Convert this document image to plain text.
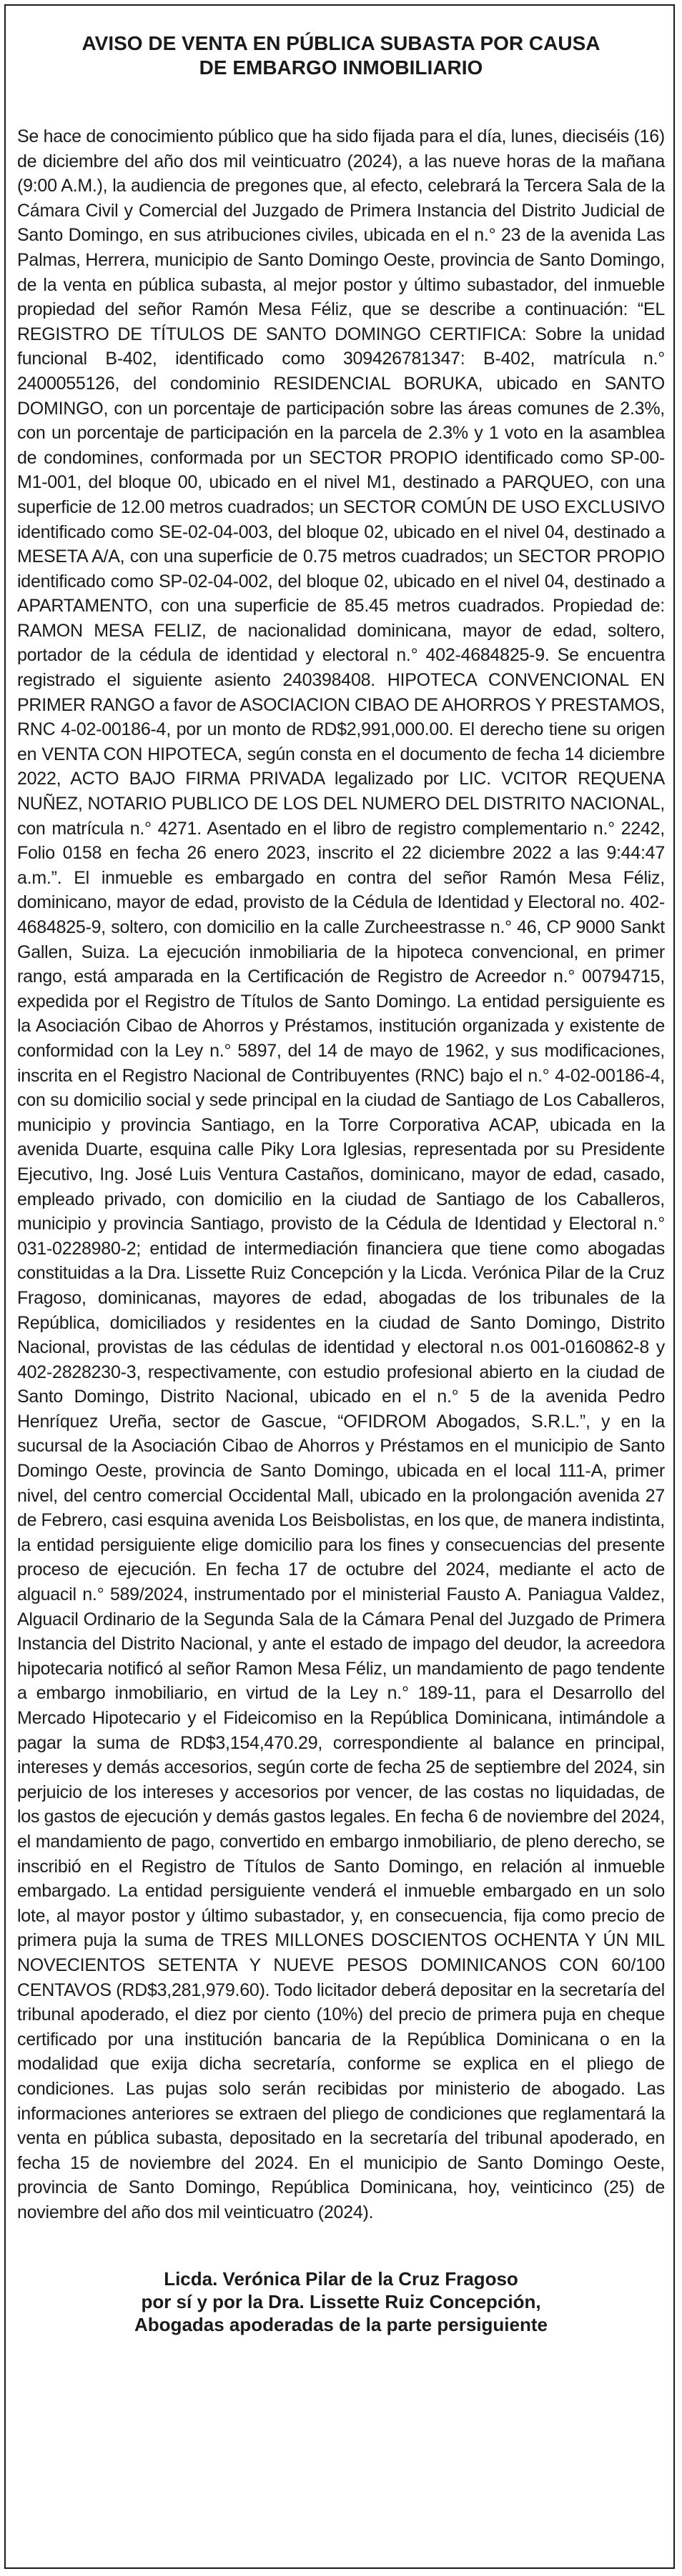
AVISO DE VENTA EN PÚBLICA SUBASTA POR CAUSA
DE EMBARGO INMOBILIARIO

Se hace de conocimiento público que ha sido fijada para el día, lunes, dieciséis (16) de diciembre del año dos mil veinticuatro (2024), a las nueve horas de la mañana (9:00 A.M.), la audiencia de pregones que, al efecto, celebrará la Tercera Sala de la Cámara Civil y Comercial del Juzgado de Primera Instancia del Distrito Judicial de Santo Domingo, en sus atribuciones civiles, ubicada en el n.° 23 de la avenida Las Palmas, Herrera, municipio de Santo Domingo Oeste, provincia de Santo Domingo, de la venta en pública subasta, al mejor postor y último subastador, del inmueble propiedad del señor Ramón Mesa Féliz, que se describe a continuación: “EL REGISTRO DE TÍTULOS DE SANTO DOMINGO CERTIFICA: Sobre la unidad funcional B-402, identificado como 309426781347: B-402, matrícula n.° 2400055126, del condominio RESIDENCIAL BORUKA, ubicado en SANTO DOMINGO, con un porcentaje de participación sobre las áreas comunes de 2.3%, con un porcentaje de participación en la parcela de 2.3% y 1 voto en la asamblea de condomines, conformada por un SECTOR PROPIO identificado como SP-00-M1-001, del bloque 00, ubicado en el nivel M1, destinado a PARQUEO, con una superficie de 12.00 metros cuadrados; un SECTOR COMÚN DE USO EXCLUSIVO identificado como SE-02-04-003, del bloque 02, ubicado en el nivel 04, destinado a MESETA A/A, con una superficie de 0.75 metros cuadrados; un SECTOR PROPIO identificado como SP-02-04-002, del bloque 02, ubicado en el nivel 04, destinado a APARTAMENTO, con una superficie de 85.45 metros cuadrados. Propiedad de: RAMON MESA FELIZ, de nacionalidad dominicana, mayor de edad, soltero, portador de la cédula de identidad y electoral n.° 402-4684825-9. Se encuentra registrado el siguiente asiento 240398408. HIPOTECA CONVENCIONAL EN PRIMER RANGO a favor de ASOCIACION CIBAO DE AHORROS Y PRESTAMOS, RNC 4-02-00186-4, por un monto de RD$2,991,000.00. El derecho tiene su origen en VENTA CON HIPOTECA, según consta en el documento de fecha 14 diciembre 2022, ACTO BAJO FIRMA PRIVADA legalizado por LIC. VCITOR REQUENA NUÑEZ, NOTARIO PUBLICO DE LOS DEL NUMERO DEL DISTRITO NACIONAL, con matrícula n.° 4271. Asentado en el libro de registro complementario n.° 2242, Folio 0158 en fecha 26 enero 2023, inscrito el 22 diciembre 2022 a las 9:44:47 a.m.”. El inmueble es embargado en contra del señor Ramón Mesa Féliz, dominicano, mayor de edad, provisto de la Cédula de Identidad y Electoral no. 402-4684825-9, soltero, con domicilio en la calle Zurcheestrasse n.° 46, CP 9000 Sankt Gallen, Suiza. La ejecución inmobiliaria de la hipoteca convencional, en primer rango, está amparada en la Certificación de Registro de Acreedor n.° 00794715, expedida por el Registro de Títulos de Santo Domingo. La entidad persiguiente es la Asociación Cibao de Ahorros y Préstamos, institución organizada y existente de conformidad con la Ley n.° 5897, del 14 de mayo de 1962, y sus modificaciones, inscrita en el Registro Nacional de Contribuyentes (RNC) bajo el n.° 4-02-00186-4, con su domicilio social y sede principal en la ciudad de Santiago de Los Caballeros, municipio y provincia Santiago, en la Torre Corporativa ACAP, ubicada en la avenida Duarte, esquina calle Piky Lora Iglesias, representada por su Presidente Ejecutivo, Ing. José Luis Ventura Castaños, dominicano, mayor de edad, casado, empleado privado, con domicilio en la ciudad de Santiago de los Caballeros, municipio y provincia Santiago, provisto de la Cédula de Identidad y Electoral n.° 031-0228980-2; entidad de intermediación financiera que tiene como abogadas constituidas a la Dra. Lissette Ruiz Concepción y la Licda. Verónica Pilar de la Cruz Fragoso, dominicanas, mayores de edad, abogadas de los tribunales de la República, domiciliados y residentes en la ciudad de Santo Domingo, Distrito Nacional, provistas de las cédulas de identidad y electoral n.os 001-0160862-8 y 402-2828230-3, respectivamente, con estudio profesional abierto en la ciudad de Santo Domingo, Distrito Nacional, ubicado en el n.° 5 de la avenida Pedro Henríquez Ureña, sector de Gascue, “OFIDROM Abogados, S.R.L.”, y en la sucursal de la Asociación Cibao de Ahorros y Préstamos en el municipio de Santo Domingo Oeste, provincia de Santo Domingo, ubicada en el local 111-A, primer nivel, del centro comercial Occidental Mall, ubicado en la prolongación avenida 27 de Febrero, casi esquina avenida Los Beisbolistas, en los que, de manera indistinta, la entidad persiguiente elige domicilio para los fines y consecuencias del presente proceso de ejecución. En fecha 17 de octubre del 2024, mediante el acto de alguacil n.° 589/2024, instrumentado por el ministerial Fausto A. Paniagua Valdez, Alguacil Ordinario de la Segunda Sala de la Cámara Penal del Juzgado de Primera Instancia del Distrito Nacional, y ante el estado de impago del deudor, la acreedora hipotecaria notificó al señor Ramon Mesa Féliz, un mandamiento de pago tendente a embargo inmobiliario, en virtud de la Ley n.° 189-11, para el Desarrollo del Mercado Hipotecario y el Fideicomiso en la República Dominicana, intimándole a pagar la suma de RD$3,154,470.29, correspondiente al balance en principal, intereses y demás accesorios, según corte de fecha 25 de septiembre del 2024, sin perjuicio de los intereses y accesorios por vencer, de las costas no liquidadas, de los gastos de ejecución y demás gastos legales. En fecha 6 de noviembre del 2024, el mandamiento de pago, convertido en embargo inmobiliario, de pleno derecho, se inscribió en el Registro de Títulos de Santo Domingo, en relación al inmueble embargado. La entidad persiguiente venderá el inmueble embargado en un solo lote, al mayor postor y último subastador, y, en consecuencia, fija como precio de primera puja la suma de TRES MILLONES DOSCIENTOS OCHENTA Y ÚN MIL NOVECIENTOS SETENTA Y NUEVE PESOS DOMINICANOS CON 60/100 CENTAVOS (RD$3,281,979.60). Todo licitador deberá depositar en la secretaría del tribunal apoderado, el diez por ciento (10%) del precio de primera puja en cheque certificado por una institución bancaria de la República Dominicana o en la modalidad que exija dicha secretaría, conforme se explica en el pliego de condiciones. Las pujas solo serán recibidas por ministerio de abogado. Las informaciones anteriores se extraen del pliego de condiciones que reglamentará la venta en pública subasta, depositado en la secretaría del tribunal apoderado, en fecha 15 de noviembre del 2024. En el municipio de Santo Domingo Oeste, provincia de Santo Domingo, República Dominicana, hoy, veinticinco (25) de noviembre del año dos mil veinticuatro (2024).

Licda. Verónica Pilar de la Cruz Fragoso
por sí y por la Dra. Lissette Ruiz Concepción,
Abogadas apoderadas de la parte persiguiente
